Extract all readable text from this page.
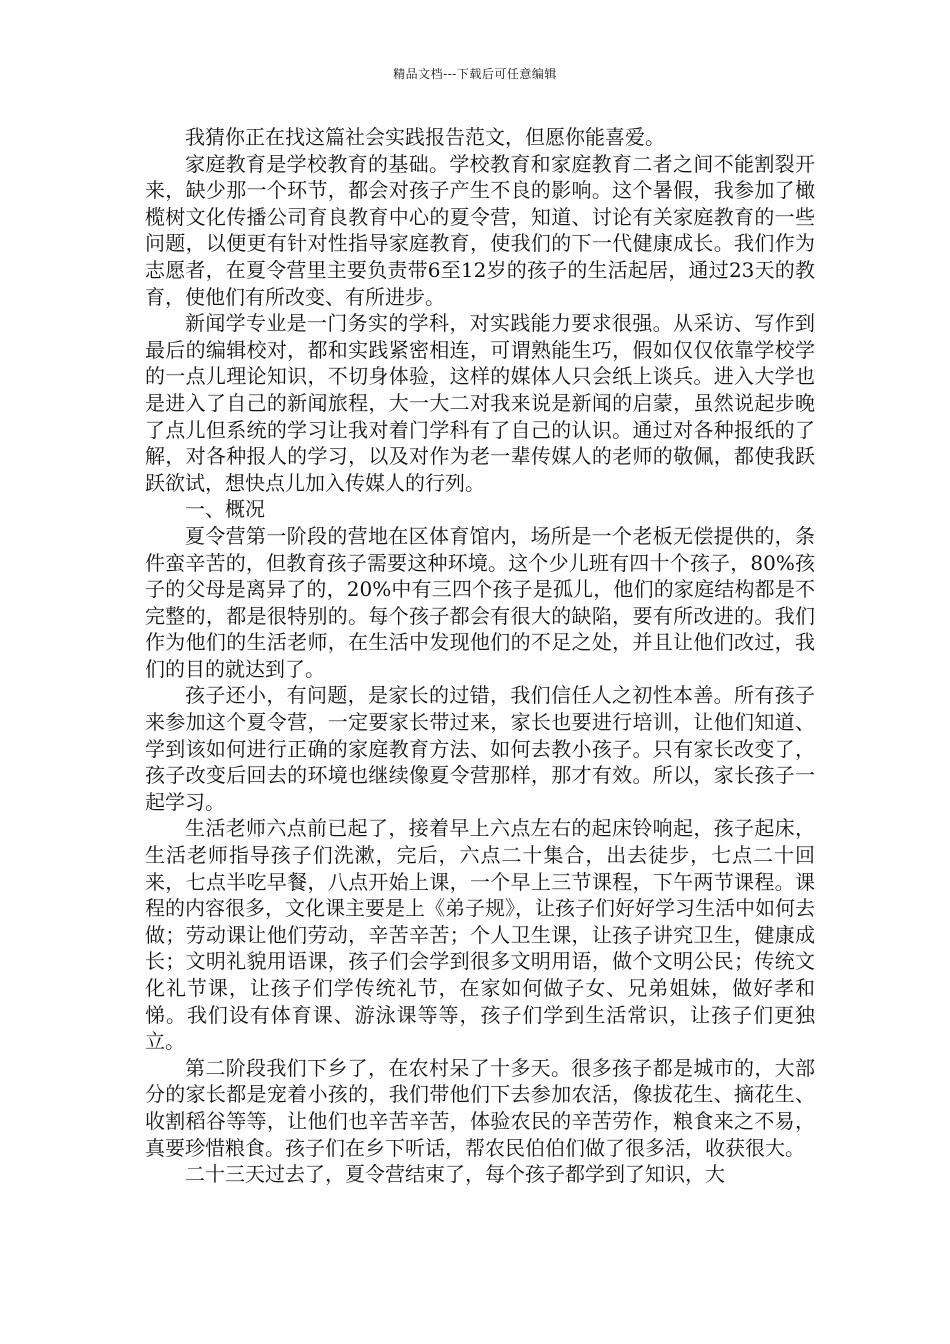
精品文档---下载后可任意编辑

我猜你正在找这篇社会实践报告范文，但愿你能喜爱。

家庭教育是学校教育的基础。学校教育和家庭教育二者之间不能割裂开来，缺少那一个环节，都会对孩子产生不良的影响。这个暑假，我参加了橄榄树文化传播公司育良教育中心的夏令营，知道、讨论有关家庭教育的一些问题，以便更有针对性指导家庭教育，使我们的下一代健康成长。我们作为志愿者，在夏令营里主要负责带6至12岁的孩子的生活起居，通过23天的教育，使他们有所改变、有所进步。

新闻学专业是一门务实的学科，对实践能力要求很强。从采访、写作到最后的编辑校对，都和实践紧密相连，可谓熟能生巧，假如仅仅依靠学校学的一点儿理论知识，不切身体验，这样的媒体人只会纸上谈兵。进入大学也是进入了自己的新闻旅程，大一大二对我来说是新闻的启蒙，虽然说起步晚了点儿但系统的学习让我对着门学科有了自己的认识。通过对各种报纸的了解，对各种报人的学习，以及对作为老一辈传媒人的老师的敬佩，都使我跃跃欲试，想快点儿加入传媒人的行列。

一、概况

夏令营第一阶段的营地在区体育馆内，场所是一个老板无偿提供的，条件蛮辛苦的，但教育孩子需要这种环境。这个少儿班有四十个孩子，80%孩子的父母是离异了的，20%中有三四个孩子是孤儿，他们的家庭结构都是不完整的，都是很特别的。每个孩子都会有很大的缺陷，要有所改进的。我们作为他们的生活老师，在生活中发现他们的不足之处，并且让他们改过，我们的目的就达到了。

孩子还小，有问题，是家长的过错，我们信任人之初性本善。所有孩子来参加这个夏令营，一定要家长带过来，家长也要进行培训，让他们知道、学到该如何进行正确的家庭教育方法、如何去教小孩子。只有家长改变了，孩子改变后回去的环境也继续像夏令营那样，那才有效。所以，家长孩子一起学习。

生活老师六点前已起了，接着早上六点左右的起床铃响起，孩子起床，生活老师指导孩子们洗漱，完后，六点二十集合，出去徒步，七点二十回来，七点半吃早餐，八点开始上课，一个早上三节课程，下午两节课程。课程的内容很多，文化课主要是上《弟子规》，让孩子们好好学习生活中如何去做；劳动课让他们劳动，辛苦辛苦；个人卫生课，让孩子讲究卫生，健康成长；文明礼貌用语课，孩子们会学到很多文明用语，做个文明公民；传统文化礼节课，让孩子们学传统礼节，在家如何做子女、兄弟姐妹，做好孝和悌。我们设有体育课、游泳课等等，孩子们学到生活常识，让孩子们更独立。

第二阶段我们下乡了，在农村呆了十多天。很多孩子都是城市的，大部分的家长都是宠着小孩的，我们带他们下去参加农活，像拔花生、摘花生、收割稻谷等等，让他们也辛苦辛苦，体验农民的辛苦劳作，粮食来之不易，真要珍惜粮食。孩子们在乡下听话，帮农民伯伯们做了很多活，收获很大。

二十三天过去了，夏令营结束了，每个孩子都学到了知识，大
